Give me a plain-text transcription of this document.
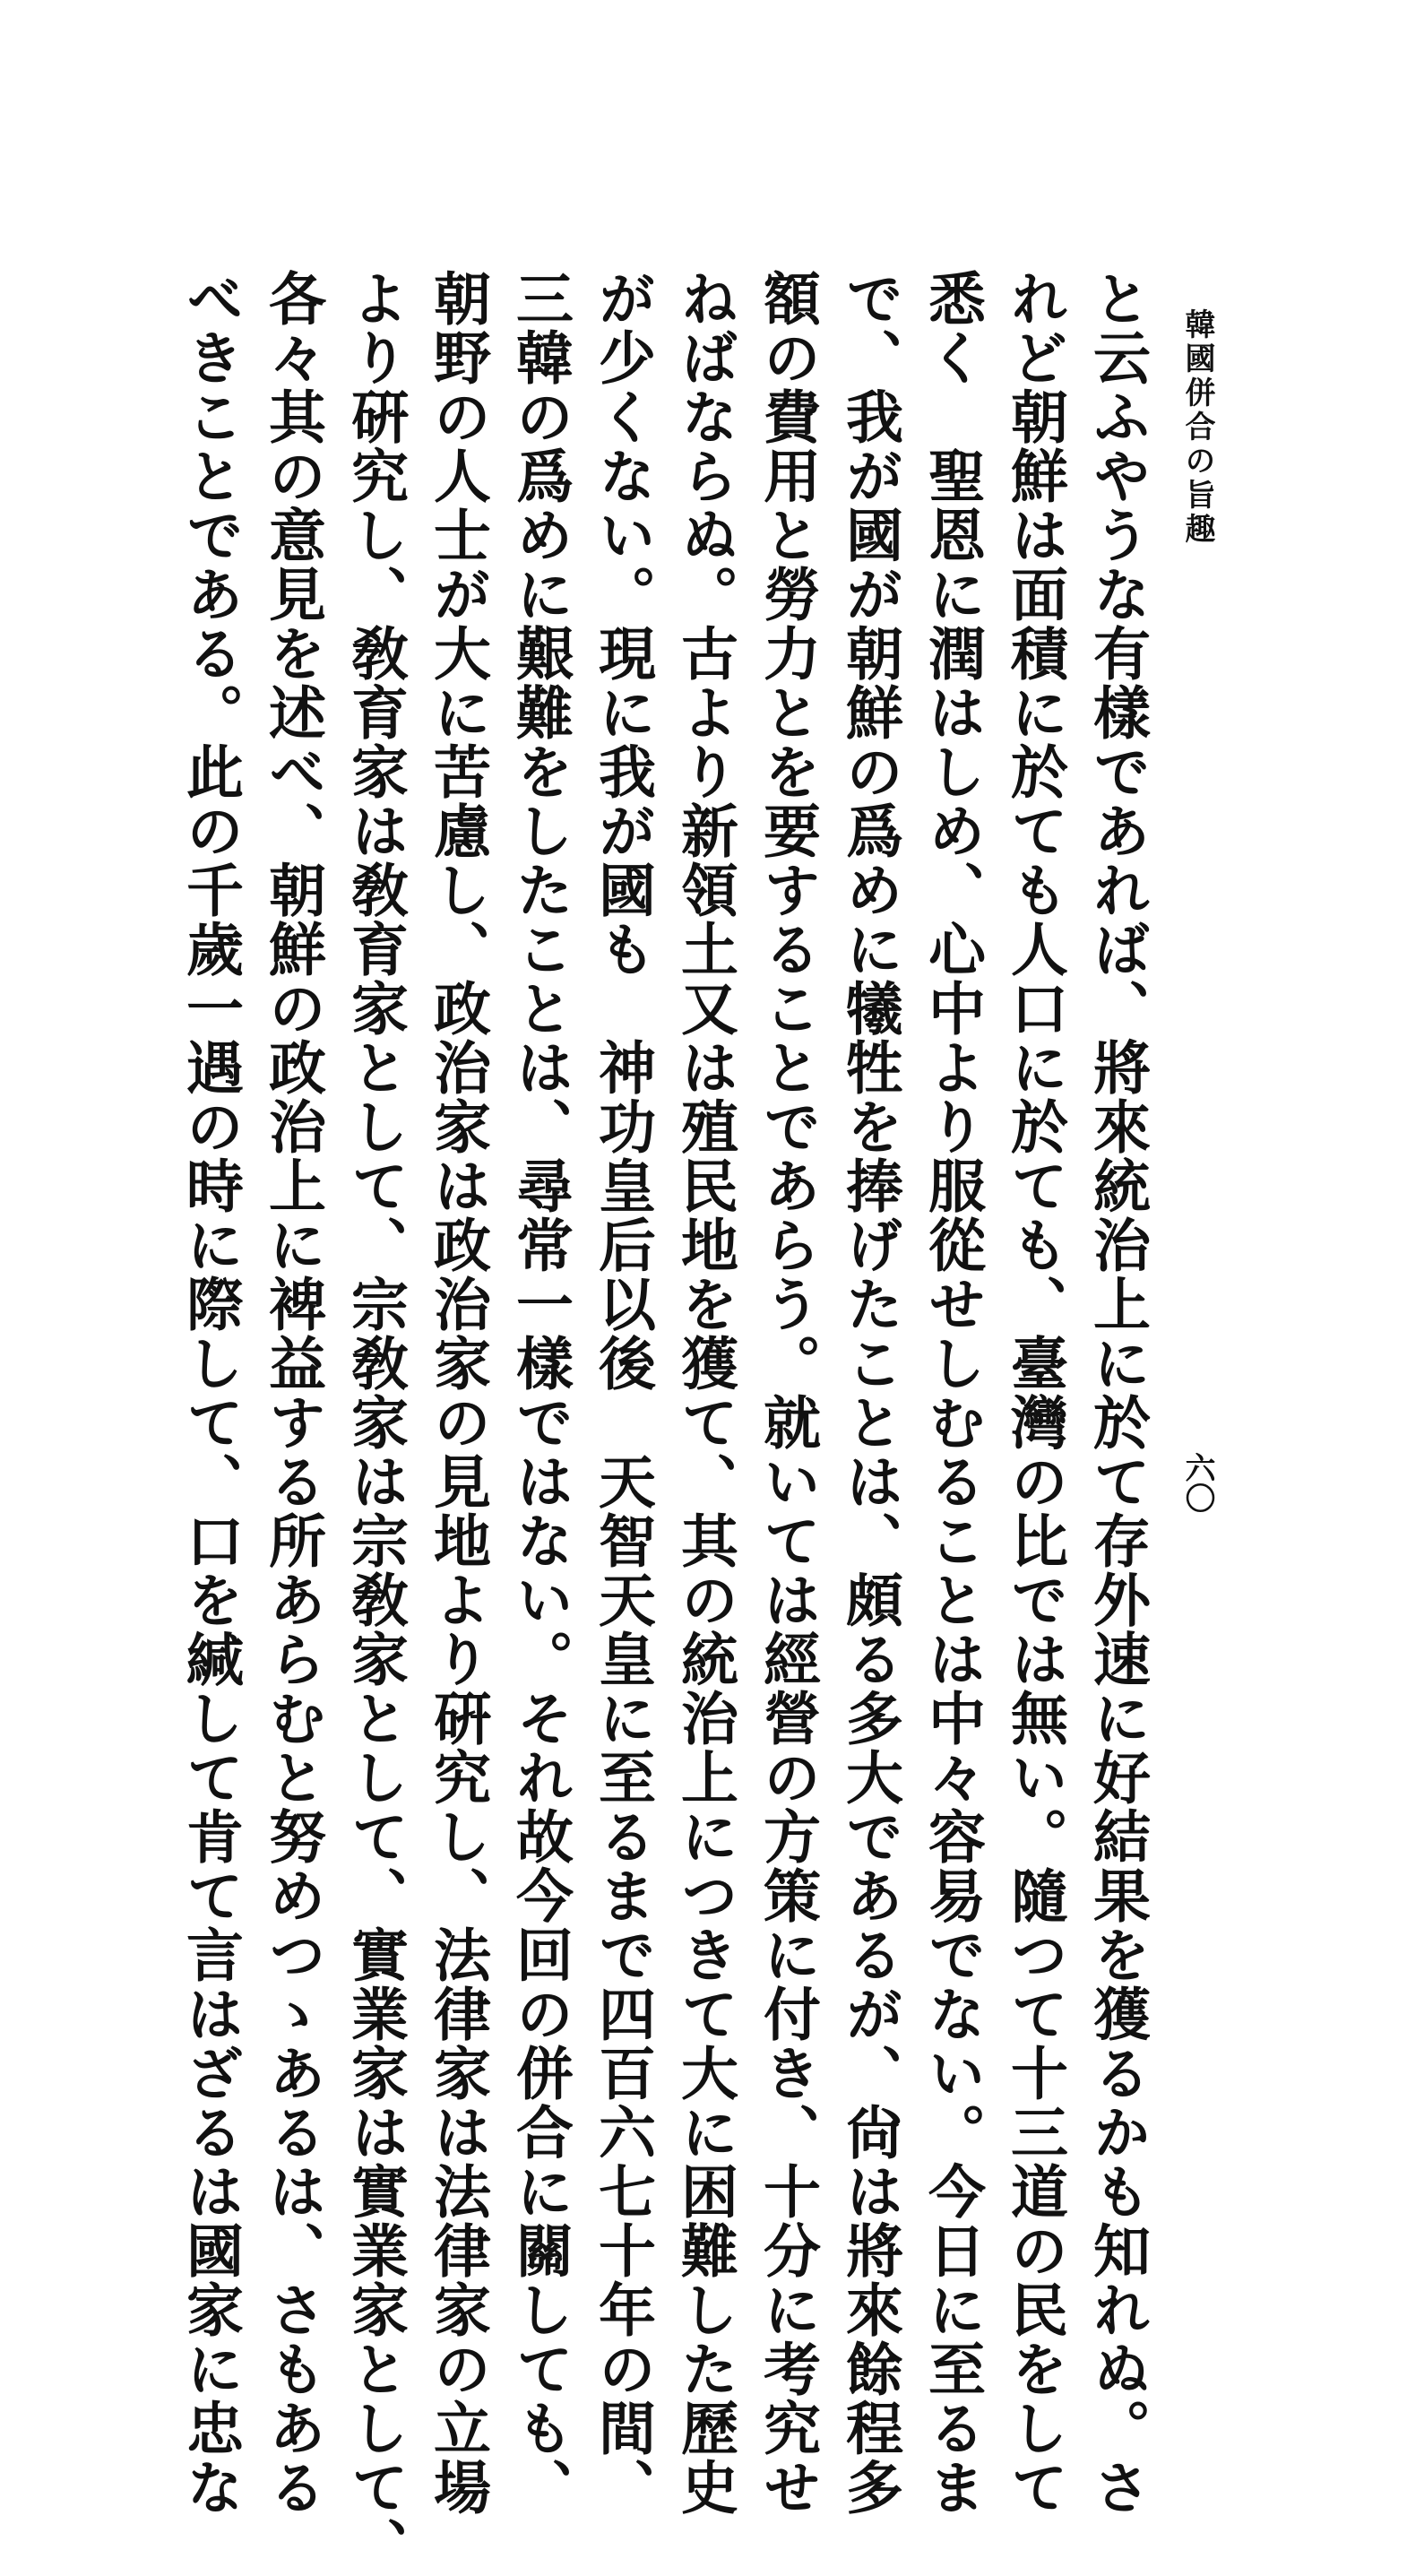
韓國併合の旨趣
六〇
と云ふやうな有樣であれば、將來統治上に於て存外速に好結果を獲るかも知れぬ。さ
れど朝鮮は面積に於ても人口に於ても、臺灣の比では無い。隨つて十三道の民をして
悉く　聖恩に潤はしめ、心中より服從せしむることは中々容易でない。今日に至るま
で、我が國が朝鮮の爲めに犧牲を捧げたことは、頗る多大であるが、尙は將來餘程多
額の費用と勞力とを要することであらう。就いては經營の方策に付き、十分に考究せ
ねばならぬ。古より新領土又は殖民地を獲て、其の統治上につきて大に困難した歷史
が少くない。現に我が國も　神功皇后以後　天智天皇に至るまで四百六七十年の間、
三韓の爲めに艱難をしたことは、尋常一樣ではない。それ故今回の併合に關しても、
朝野の人士が大に苦慮し、政治家は政治家の見地より硏究し、法律家は法律家の立場
より硏究し、敎育家は敎育家として、宗敎家は宗敎家として、實業家は實業家として、
各々其の意見を述べ、朝鮮の政治上に裨益する所あらむと努めつゝあるは、さもある
べきことである。此の千歲一遇の時に際して、口を緘して肯て言はざるは國家に忠な
